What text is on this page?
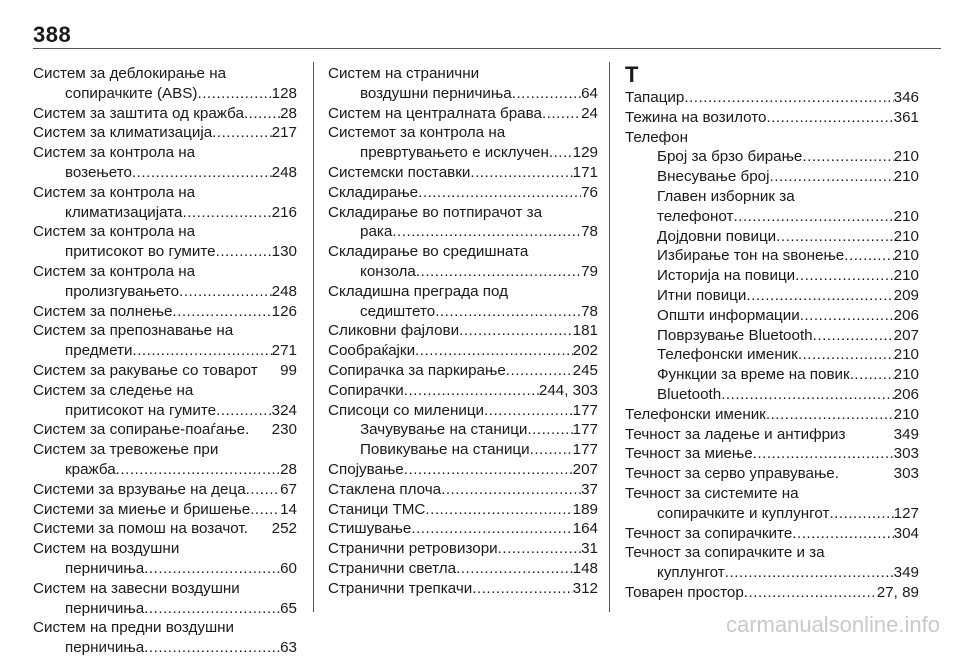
388
Систем за деблокирање на
сопирачките (ABS) .....	128
Систем за заштита од кражба ..... 28
Систем за климатизација .....	217
Систем за контрола на
возењето .....	248
Систем за контрола на
климатизацијата .....	216
Систем за контрола на
притисокот во гумите .....	130
Систем за контрола на
пролизгувањето .....	248
Систем за полнење .....	126
Систем за препознавање на
предмети .....	271
Систем за ракување со товарот 99
Систем за следење на
притисокот на гумите .....	324
Систем за сопирање-поаѓање. 230
Систем за тревожење при
кражба .....	28
Системи за врзување на деца ..... 67
Системи за миење и бришење ..... 14
Системи за помош на возачот. 252
Систем на воздушни
перничиња .....	60
Систем на завесни воздушни
перничиња .....	65
Систем на предни воздушни
перничиња .....	63
Систем на странични
воздушни перничиња .....	64
Систем на централната брава .....	24
Системот за контрола на
превртувањето е исклучен ..... 129
Системски поставки .....	171
Складирање .....	76
Складирање во потпирачот за
рака .....	78
Складирање во средишната
конзола .....	79
Складишна преграда под
седиштето .....	78
Сликовни фајлови .....	181
Сообраќајки .....	202
Сопирачка за паркирање .....	245
Сопирачки .....	244, 303
Списоци со миленици .....	177
Зачувување на станици .....	177
Повикување на станици .....	177
Спојување .....	207
Стаклена плоча .....	37
Станици TMC .....	189
Стишување .....	164
Странични ретровизори .....	31
Странични светла .....	148
Странични трепкачи .....	312
Т
Тапацир .....	346
Тежина на возилото .....	361
Телефон
Број за брзо бирање .....	210
Внесување број .....	210
Главен изборник за
телефонот .....	210
Дојдовни повици .....	210
Избирање тон на ѕвонење .....	210
Историја на повици .....	210
Итни повици .....	209
Општи информации .....	206
Поврзување Bluetooth .....	207
Телефонски именик .....	210
Функции за време на повик .....	210
Bluetooth .....	206
Телефонски именик .....	210
Течност за ладење и антифриз	349
Течност за миење .....	303
Течност за серво управување.	303
Течност за системите на
сопирачките и куплунгот .....	127
Течност за сопирачките .....	304
Течност за сопирачките и за
куплунгот .....	349
Товарен простор .....	27, 89
carmanualsonline.info
